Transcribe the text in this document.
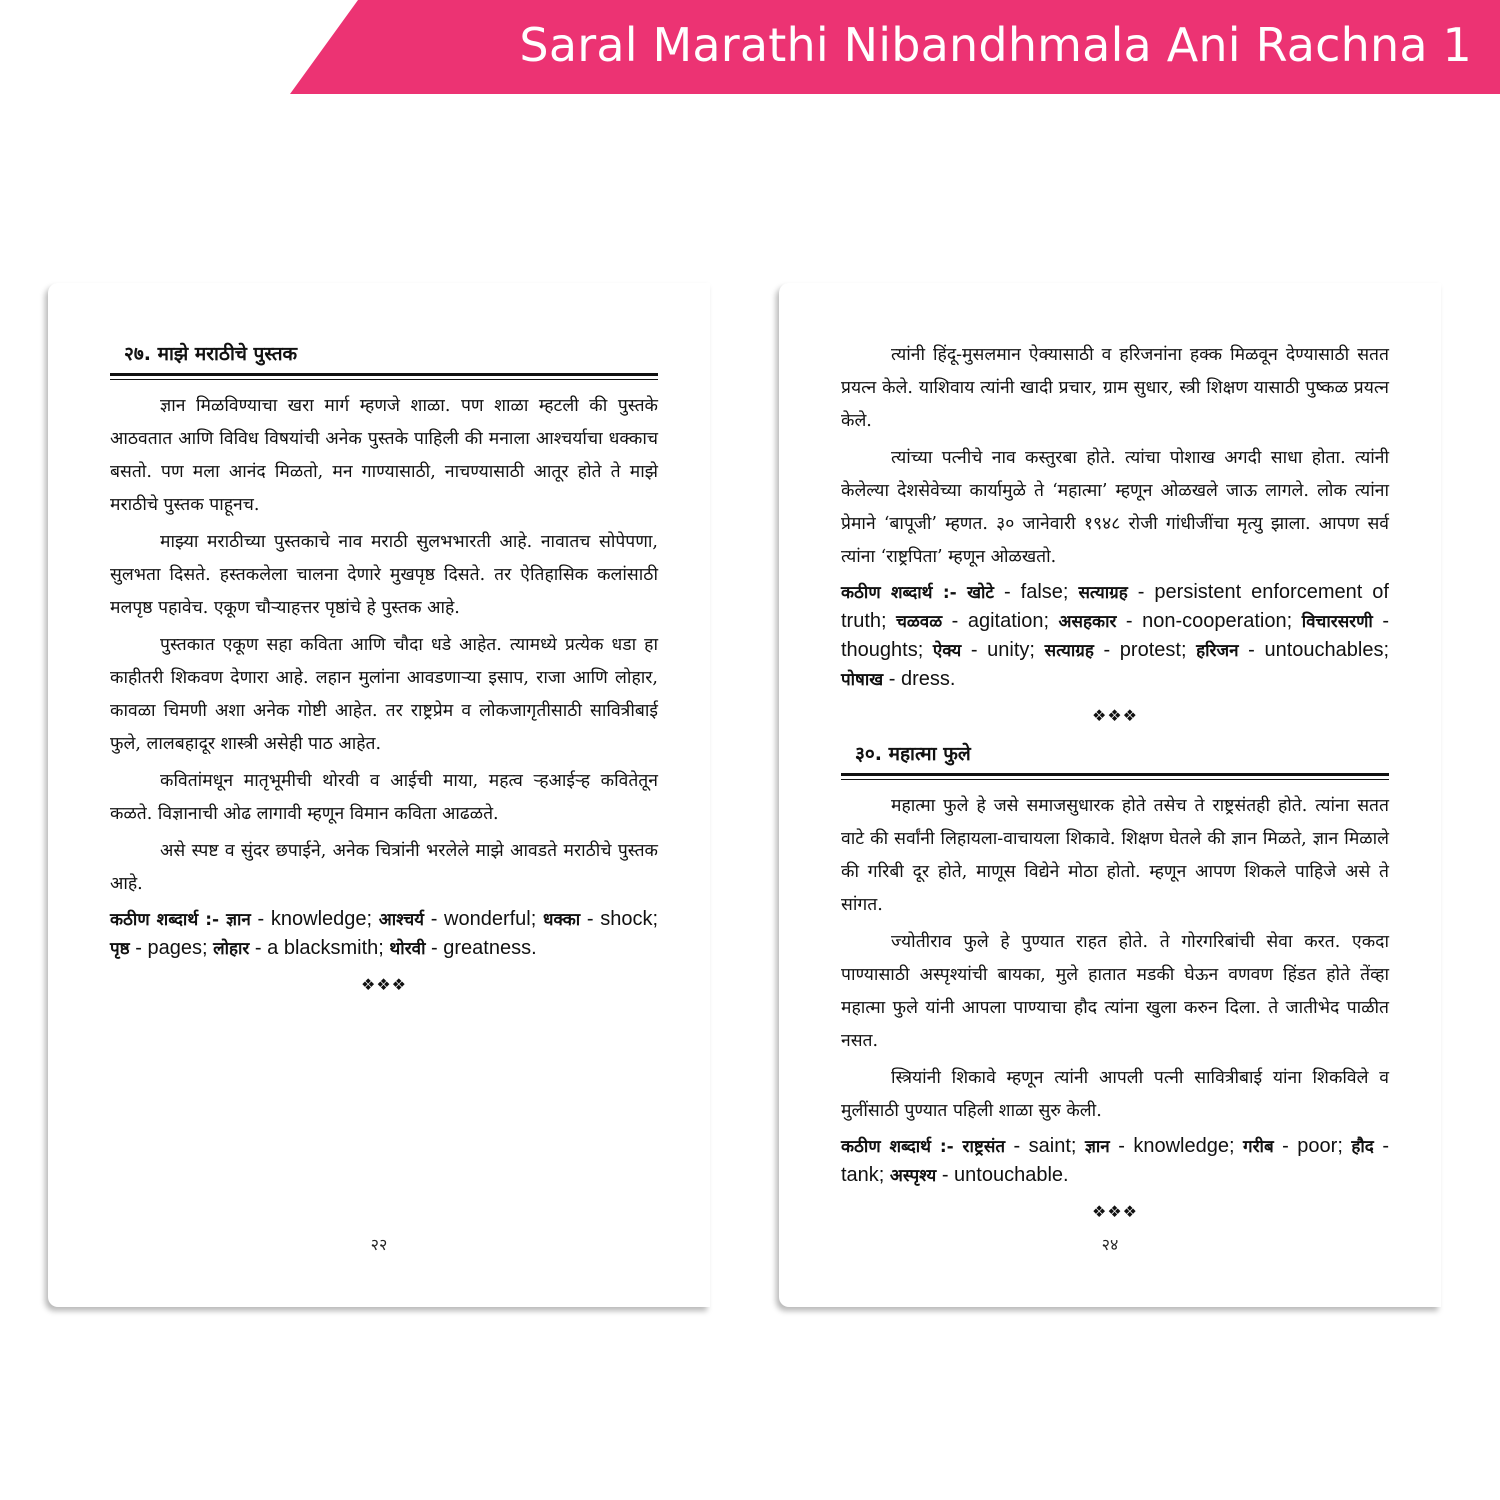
Saral Marathi Nibandhmala Ani Rachna 1
२७. माझे मराठीचे पुस्तक

ज्ञान मिळविण्याचा खरा मार्ग म्हणजे शाळा. पण शाळा म्हटली की पुस्तके आठवतात आणि विविध विषयांची अनेक पुस्तके पाहिली की मनाला आश्चर्याचा धक्काच बसतो. पण मला आनंद मिळतो, मन गाण्यासाठी, नाचण्यासाठी आतूर होते ते माझे मराठीचे पुस्तक पाहूनच.

माझ्या मराठीच्या पुस्तकाचे नाव मराठी सुलभभारती आहे. नावातच सोपेपणा, सुलभता दिसते. हस्तकलेला चालना देणारे मुखपृष्ठ दिसते. तर ऐतिहासिक कलांसाठी मलपृष्ठ पहावेच. एकूण चौऱ्याहत्तर पृष्ठांचे हे पुस्तक आहे.

पुस्तकात एकूण सहा कविता आणि चौदा धडे आहेत. त्यामध्ये प्रत्येक धडा हा काहीतरी शिकवण देणारा आहे. लहान मुलांना आवडणाऱ्या इसाप, राजा आणि लोहार, कावळा चिमणी अशा अनेक गोष्टी आहेत. तर राष्ट्रप्रेम व लोकजागृतीसाठी सावित्रीबाई फुले, लालबहादूर शास्त्री असेही पाठ आहेत.

कवितांमधून मातृभूमीची थोरवी व आईची माया, महत्व ऱ्हआईऱ्ह कवितेतून कळते. विज्ञानाची ओढ लागावी म्हणून विमान कविता आढळते.

असे स्पष्ट व सुंदर छपाईने, अनेक चित्रांनी भरलेले माझे आवडते मराठीचे पुस्तक आहे.

कठीण शब्दार्थ :- ज्ञान - knowledge; आश्चर्य - wonderful; धक्का - shock; पृष्ठ - pages; लोहार - a blacksmith; थोरवी - greatness.

❖❖❖
२२

त्यांनी हिंदू-मुसलमान ऐक्यासाठी व हरिजनांना हक्क मिळवून देण्यासाठी सतत प्रयत्न केले. याशिवाय त्यांनी खादी प्रचार, ग्राम सुधार, स्त्री शिक्षण यासाठी पुष्कळ प्रयत्न केले.

त्यांच्या पत्नीचे नाव कस्तुरबा होते. त्यांचा पोशाख अगदी साधा होता. त्यांनी केलेल्या देशसेवेच्या कार्यामुळे ते ‘महात्मा’ म्हणून ओळखले जाऊ लागले. लोक त्यांना प्रेमाने ‘बापूजी’ म्हणत. ३० जानेवारी १९४८ रोजी गांधीजींचा मृत्यु झाला. आपण सर्व त्यांना ‘राष्ट्रपिता’ म्हणून ओळखतो.

कठीण शब्दार्थ :- खोटे - false; सत्याग्रह - persistent enforcement of truth; चळवळ - agitation; असहकार - non-cooperation; विचारसरणी - thoughts; ऐक्य - unity; सत्याग्रह - protest; हरिजन - untouchables; पोषाख - dress.

❖❖❖
३०. महात्मा फुले

महात्मा फुले हे जसे समाजसुधारक होते तसेच ते राष्ट्रसंतही होते. त्यांना सतत वाटे की सर्वांनी लिहायला-वाचायला शिकावे. शिक्षण घेतले की ज्ञान मिळते, ज्ञान मिळाले की गरिबी दूर होते, माणूस विद्येने मोठा होतो. म्हणून आपण शिकले पाहिजे असे ते सांगत.

ज्योतीराव फुले हे पुण्यात राहत होते. ते गोरगरिबांची सेवा करत. एकदा पाण्यासाठी अस्पृश्यांची बायका, मुले हातात मडकी घेऊन वणवण हिंडत होते तेंव्हा महात्मा फुले यांनी आपला पाण्याचा हौद त्यांना खुला करुन दिला. ते जातीभेद पाळीत नसत.

स्त्रियांनी शिकावे म्हणून त्यांनी आपली पत्नी सावित्रीबाई यांना शिकविले व मुलींसाठी पुण्यात पहिली शाळा सुरु केली.

कठीण शब्दार्थ :- राष्ट्रसंत - saint; ज्ञान - knowledge; गरीब - poor; हौद - tank; अस्पृश्य - untouchable.

❖❖❖
२४
